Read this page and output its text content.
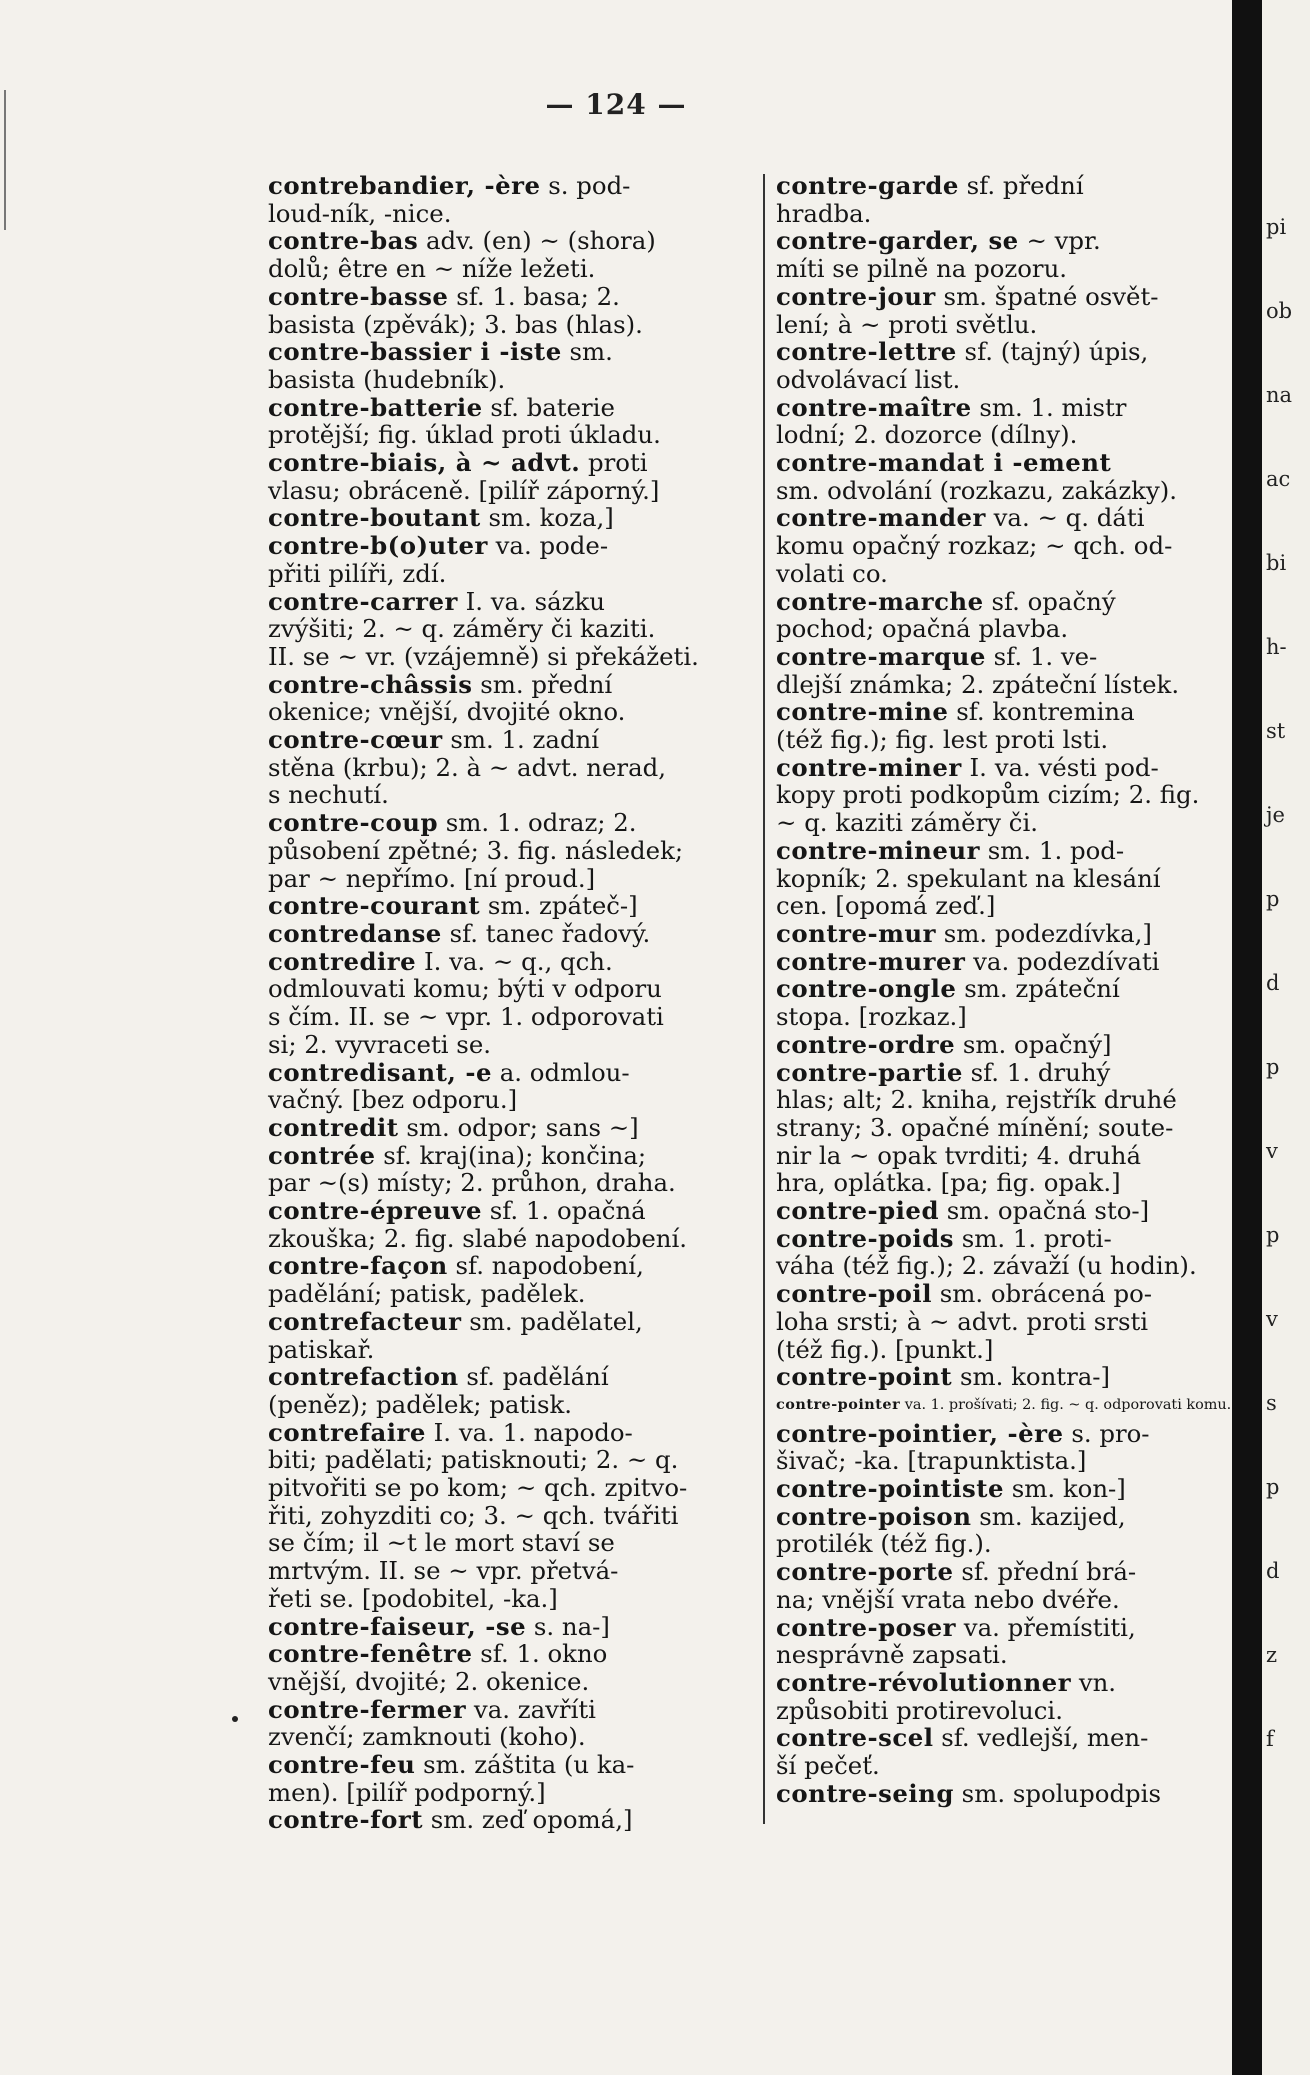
— 124 —

contrebandier, -ère s. pod-

loud-ník, -nice.

contre-bas adv. (en) ~ (shora)

dolů; être en ~ níže ležeti.

contre-basse sf. 1. basa; 2.

basista (zpěvák); 3. bas (hlas).

contre-bassier i -iste sm.

basista (hudebník).

contre-batterie sf. baterie

protější; fig. úklad proti úkladu.

contre-biais, à ~ advt. proti

vlasu; obráceně. [pilíř záporný.]

contre-boutant sm. koza,]

contre-b(o)uter va. pode-

přiti pilíři, zdí.

contre-carrer I. va. sázku

zvýšiti; 2. ~ q. záměry či kaziti.

II. se ~ vr. (vzájemně) si překážeti.

contre-châssis sm. přední

okenice; vnější, dvojité okno.

contre-cœur sm. 1. zadní

stěna (krbu); 2. à ~ advt. nerad,

s nechutí.

contre-coup sm. 1. odraz; 2.

působení zpětné; 3. fig. následek;

par ~ nepřímo. [ní proud.]

contre-courant sm. zpáteč-]

contredanse sf. tanec řadový.

contredire I. va. ~ q., qch.

odmlouvati komu; býti v odporu

s čím. II. se ~ vpr. 1. odporovati

si; 2. vyvraceti se.

contredisant, -e a. odmlou-

vačný. [bez odporu.]

contredit sm. odpor; sans ~]

contrée sf. kraj(ina); končina;

par ~(s) místy; 2. průhon, draha.

contre-épreuve sf. 1. opačná

zkouška; 2. fig. slabé napodobení.

contre-façon sf. napodobení,

padělání; patisk, padělek.

contrefacteur sm. padělatel,

patiskař.

contrefaction sf. padělání

(peněz); padělek; patisk.

contrefaire I. va. 1. napodo-

biti; padělati; patisknouti; 2. ~ q.

pitvořiti se po kom; ~ qch. zpitvo-

řiti, zohyzditi co; 3. ~ qch. tvářiti

se čím; il ~t le mort staví se

mrtvým. II. se ~ vpr. přetvá-

řeti se. [podobitel, -ka.]

contre-faiseur, -se s. na-]

contre-fenêtre sf. 1. okno

vnější, dvojité; 2. okenice.

contre-fermer va. zavříti

zvenčí; zamknouti (koho).

contre-feu sm. záštita (u ka-

men). [pilíř podporný.]

contre-fort sm. zeď opomá,]

contre-garde sf. přední

hradba.

contre-garder, se ~ vpr.

míti se pilně na pozoru.

contre-jour sm. špatné osvět-

lení; à ~ proti světlu.

contre-lettre sf. (tajný) úpis,

odvolávací list.

contre-maître sm. 1. mistr

lodní; 2. dozorce (dílny).

contre-mandat i -ement

sm. odvolání (rozkazu, zakázky).

contre-mander va. ~ q. dáti

komu opačný rozkaz; ~ qch. od-

volati co.

contre-marche sf. opačný

pochod; opačná plavba.

contre-marque sf. 1. ve-

dlejší známka; 2. zpáteční lístek.

contre-mine sf. kontremina

(též fig.); fig. lest proti lsti.

contre-miner I. va. vésti pod-

kopy proti podkopům cizím; 2. fig.

~ q. kaziti záměry či.

contre-mineur sm. 1. pod-

kopník; 2. spekulant na klesání

cen. [opomá zeď.]

contre-mur sm. podezdívka,]

contre-murer va. podezdívati

contre-ongle sm. zpáteční

stopa. [rozkaz.]

contre-ordre sm. opačný]

contre-partie sf. 1. druhý

hlas; alt; 2. kniha, rejstřík druhé

strany; 3. opačné mínění; soute-

nir la ~ opak tvrditi; 4. druhá

hra, oplátka. [pa; fig. opak.]

contre-pied sm. opačná sto-]

contre-poids sm. 1. proti-

váha (též fig.); 2. závaží (u hodin).

contre-poil sm. obrácená po-

loha srsti; à ~ advt. proti srsti

(též fig.). [punkt.]

contre-point sm. kontra-]

contre-pointer va. 1. prošívati; 2. fig. ~ q. odporovati komu.

contre-pointier, -ère s. pro-

šivač; -ka. [trapunktista.]

contre-pointiste sm. kon-]

contre-poison sm. kazijed,

protilék (též fig.).

contre-porte sf. přední brá-

na; vnější vrata nebo dvéře.

contre-poser va. přemístiti,

nesprávně zapsati.

contre-révolutionner vn.

způsobiti protirevoluci.

contre-scel sf. vedlejší, men-

ší pečeť.

contre-seing sm. spolupodpis

pi
ob
na
ac
bi
h-
st
je
p
d
p
v
p
v
s
p
d
z
f
